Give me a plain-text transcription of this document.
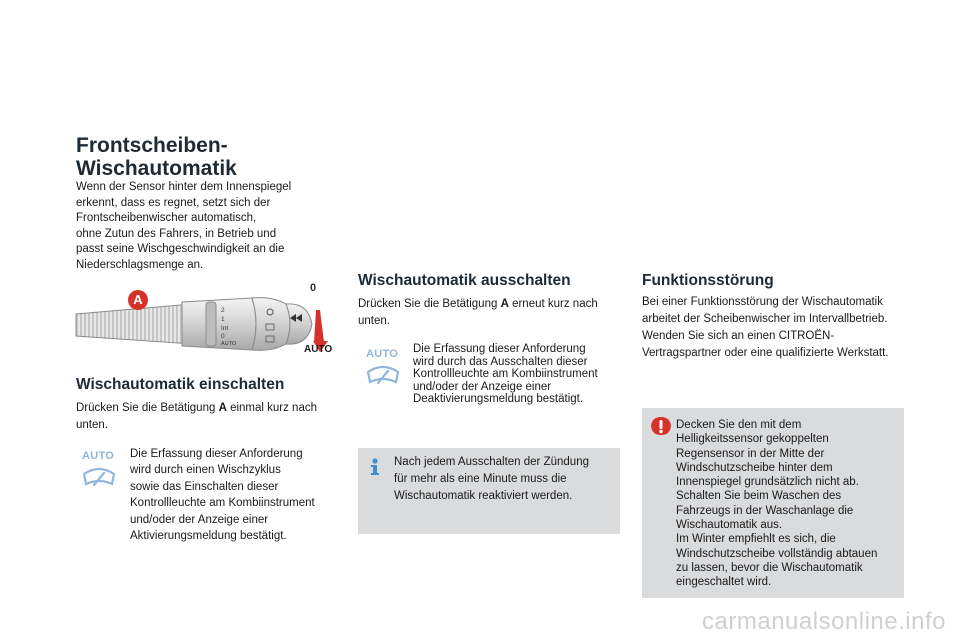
Frontscheiben-
Wischautomatik
Wenn der Sensor hinter dem Innenspiegel
erkennt, dass es regnet, setzt sich der
Frontscheibenwischer automatisch,
ohne Zutun des Fahrers, in Betrieb und
passt seine Wischgeschwindigkeit an die
Niederschlagsmenge an.
2
1
Int
0
AUTO
A
0
AUTO
Wischautomatik einschalten
Drücken Sie die Betätigung A einmal kurz nach unten.
AUTO	Die Erfassung dieser Anforderung
wird durch einen Wischzyklus
sowie das Einschalten dieser
Kontrollleuchte am Kombiinstrument
und/oder der Anzeige einer
Aktivierungsmeldung bestätigt.
Wischautomatik ausschalten
Drücken Sie die Betätigung A erneut kurz nach unten.
AUTO	Die Erfassung dieser Anforderung
wird durch das Ausschalten dieser
Kontrollleuchte am Kombiinstrument
und/oder der Anzeige einer
Deaktivierungsmeldung bestätigt.
Nach jedem Ausschalten der Zündung
für mehr als eine Minute muss die
Wischautomatik reaktiviert werden.
Funktionsstörung
Bei einer Funktionsstörung der Wischautomatik arbeitet der Scheibenwischer im Intervallbetrieb. Wenden Sie sich an einen CITROËN-Vertragspartner oder eine qualifizierte Werkstatt.
Decken Sie den mit dem
Helligkeitssensor gekoppelten
Regensensor in der Mitte der
Windschutzscheibe hinter dem
Innenspiegel grundsätzlich nicht ab.
Schalten Sie beim Waschen des
Fahrzeugs in der Waschanlage die
Wischautomatik aus.
Im Winter empfiehlt es sich, die
Windschutzscheibe vollständig abtauen
zu lassen, bevor die Wischautomatik
eingeschaltet wird.
carmanualsonline.info
